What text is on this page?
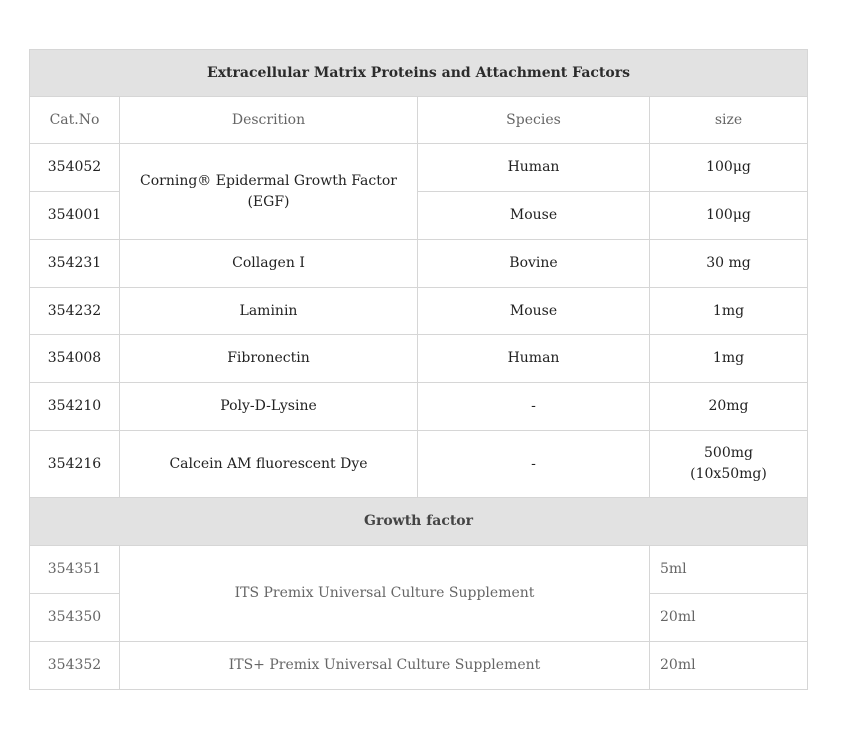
Extracellular Matrix Proteins and Attachment Factors			
Cat.No	Descrition	Species	size
354052	Corning® Epidermal Growth Factor (EGF)	Human	100μg
354001		Mouse	100μg
354231	Collagen I	Bovine	30 mg
354232	Laminin	Mouse	1mg
354008	Fibronectin	Human	1mg
354210	Poly-D-Lysine	-	20mg
354216	Calcein AM fluorescent Dye	-	500mg
(10x50mg)

Growth factor			
354351	ITS Premix Universal Culture Supplement		5ml
354350			20ml
354352	ITS+ Premix Universal Culture Supplement		20ml
